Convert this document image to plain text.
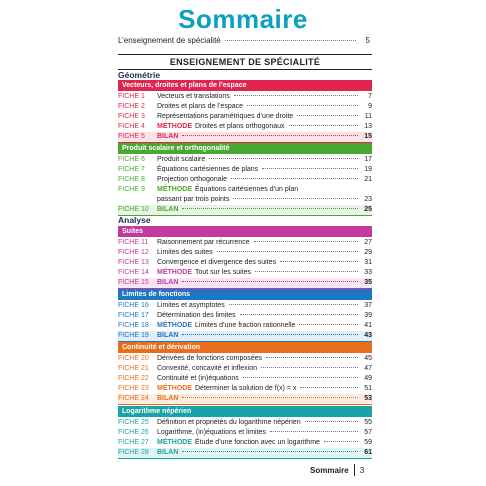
Sommaire
L’enseignement de spécialité	5
ENSEIGNEMENT DE SPÉCIALITÉ
Géométrie
Vecteurs, droites et plans de l’espace
FICHE 1	Vecteurs et translations	7
FICHE 2	Droites et plans de l’espace	9
FICHE 3	Représentations paramétriques d’une droite	11
FICHE 4	MÉTHODE Droites et plans orthogonaux	13
FICHE 5	BILAN	15
Produit scalaire et orthogonalité
FICHE 6	Produit scalaire	17
FICHE 7	Équations cartésiennes de plans	19
FICHE 8	Projection orthogonale	21
FICHE 9	MÉTHODE Équations cartésiennes d’un plan
passant par trois points	23
FICHE 10	BILAN	25
Analyse
Suites
FICHE 11	Raisonnement par récurrence	27
FICHE 12	Limites des suites	29
FICHE 13	Convergence et divergence des suites	31
FICHE 14	MÉTHODE Tout sur les suites	33
FICHE 15	BILAN	35
Limites de fonctions
FICHE 16	Limites et asymptotes	37
FICHE 17	Détermination des limites	39
FICHE 18	MÉTHODE Limites d’une fraction rationnelle	41
FICHE 19	BILAN	43
Continuité et dérivation
FICHE 20	Dérivées de fonctions composées	45
FICHE 21	Convexité, concavité et inflexion	47
FICHE 22	Continuité et (in)équations	49
FICHE 23	MÉTHODE Déterminer la solution de f(x) = x	51
FICHE 24	BILAN	53
Logarithme népérien
FICHE 25	Définition et propriétés du logarithme népérien	55
FICHE 26	Logarithme, (in)équations et limites	57
FICHE 27	MÉTHODE Étude d’une fonction avec un logarithme	59
FICHE 28	BILAN	61
Sommaire 3
